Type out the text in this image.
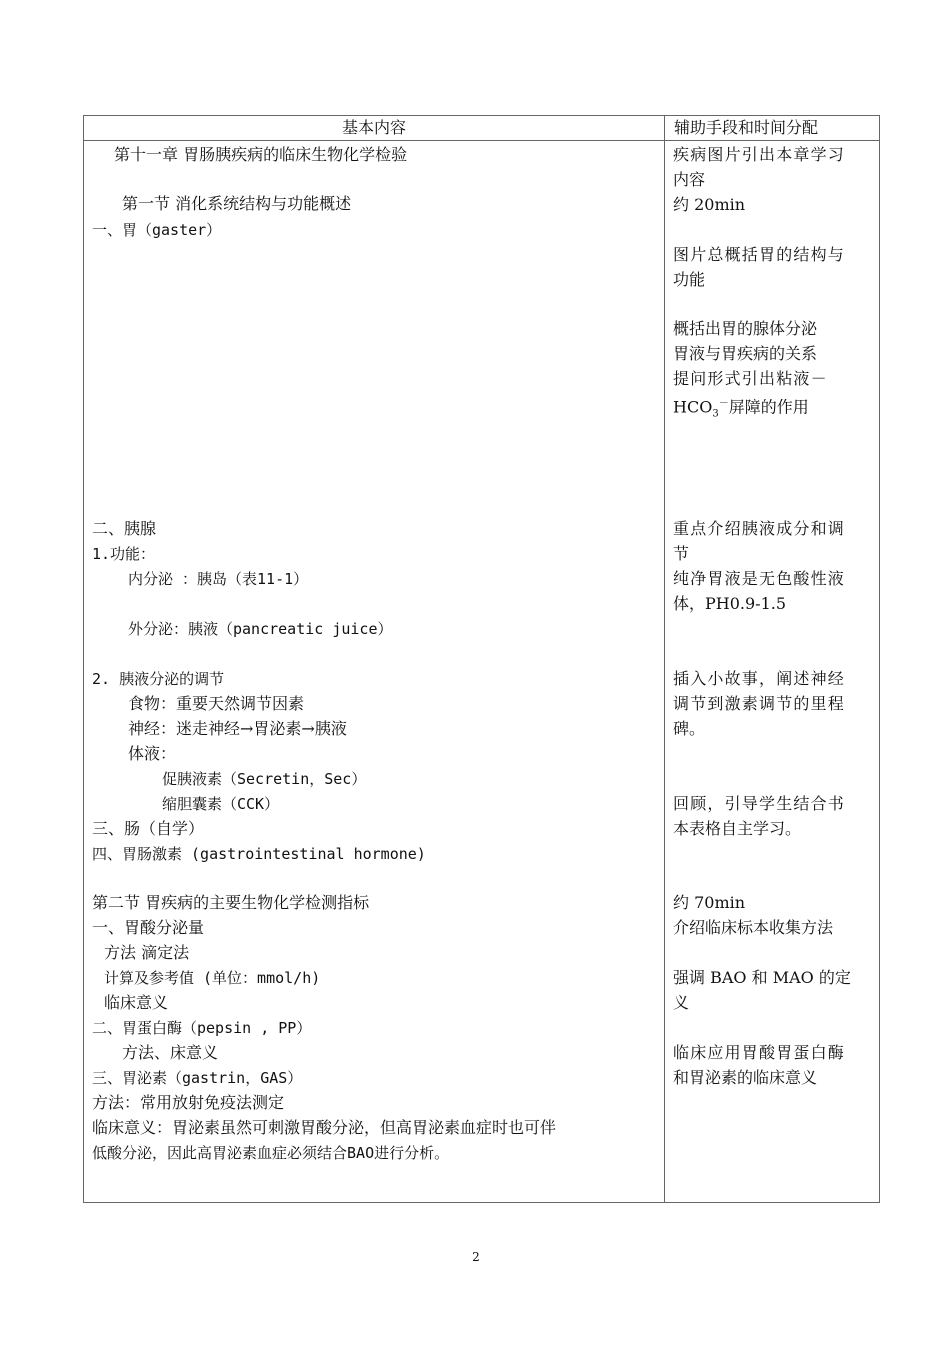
基本内容	辅助手段和时间分配
第十一章 胃肠胰疾病的临床生物化学检验
第一节 消化系统结构与功能概述
一、胃（gaster）
二、胰腺
1.功能：
内分泌 ：胰岛（表11-1）
外分泌：胰液（pancreatic juice）
2. 胰液分泌的调节
食物：重要天然调节因素
神经：迷走神经→胃泌素→胰液
体液：
促胰液素（Secretin，Sec）
缩胆囊素（CCK）
三、肠（自学）
四、胃肠激素 (gastrointestinal hormone)
第二节 胃疾病的主要生物化学检测指标
一、胃酸分泌量
方法 滴定法
计算及参考值 (单位：mmol/h)
临床意义
二、胃蛋白酶（pepsin , PP）
方法、床意义
三、胃泌素（gastrin，GAS）
方法：常用放射免疫法测定
临床意义：胃泌素虽然可刺激胃酸分泌，但高胃泌素血症时也可伴
低酸分泌，因此高胃泌素血症必须结合BAO进行分析。
疾病图片引出本章学习
内容
约 20min
图片总概括胃的结构与
功能
概括出胃的腺体分泌
胃液与胃疾病的关系
提问形式引出粘液－
$HCO_3^-$屏障的作用
重点介绍胰液成分和调
节
纯净胃液是无色酸性液
体，PH0.9-1.5
插入小故事，阐述神经
调节到激素调节的里程
碑。
回顾，引导学生结合书
本表格自主学习。
约 70min
介绍临床标本收集方法
强调 BAO 和 MAO 的定
义
临床应用胃酸胃蛋白酶
和胃泌素的临床意义
2
